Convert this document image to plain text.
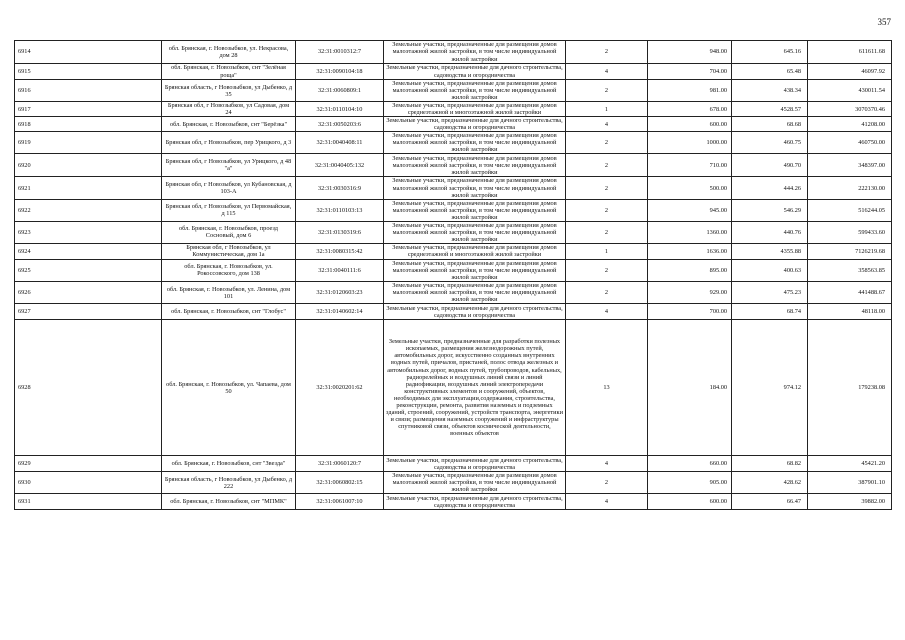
357
6914	обл. Брянская, г. Новозыбков, ул. Некрасова, дом 28	32:31:0010312:7	Земельные участки, предназначенные для размещения домов малоэтажной жилой застройки, в том числе индивидуальной жилой застройки	2	948.00	645.16	611611.68
6915	обл. Брянская, г. Новозыбков, снт "Зелёная роща"	32:31:0090104:18	Земельные участки, предназначенные для дачного строительства, садоводства и огородничества	4	704.00	65.48	46097.92
6916	Брянская область, г Новозыбков, ул Дыбенко, д 35	32:31:0060809:1	Земельные участки, предназначенные для размещения домов малоэтажной жилой застройки, в том числе индивидуальной жилой застройки	2	981.00	438.34	430011.54
6917	Брянская обл, г Новозыбков, ул Садовая, дом 24	32:31:0110104:10	Земельные участки, предназначенные для размещения домов среднеэтажной и многоэтажной жилой застройки	1	678.00	4528.57	3070370.46
6918	обл. Брянская, г. Новозыбков, снт "Берёзка"	32:31:0050203:6	Земельные участки, предназначенные для дачного строительства, садоводства и огородничества	4	600.00	68.68	41208.00
6919	Брянская обл, г Новозыбков, пер Урицкого, д 3	32:31:0040408:11	Земельные участки, предназначенные для размещения домов малоэтажной жилой застройки, в том числе индивидуальной жилой застройки	2	1000.00	460.75	460750.00
6920	Брянская обл, г Новозыбков, ул Урицкого, д 48 "а"	32:31:0040405:132	Земельные участки, предназначенные для размещения домов малоэтажной жилой застройки, в том числе индивидуальной жилой застройки	2	710.00	490.70	348397.00
6921	Брянская обл, г Новозыбков, ул Кубановская, д 103-А	32:31:0030316:9	Земельные участки, предназначенные для размещения домов малоэтажной жилой застройки, в том числе индивидуальной жилой застройки	2	500.00	444.26	222130.00
6922	Брянская обл, г Новозыбков, ул Первомайская, д 115	32:31:0110103:13	Земельные участки, предназначенные для размещения домов малоэтажной жилой застройки, в том числе индивидуальной жилой застройки	2	945.00	546.29	516244.05
6923	обл. Брянская, г. Новозыбков, проезд Сосновый, дом 6	32:31:0130319:6	Земельные участки, предназначенные для размещения домов малоэтажной жилой застройки, в том числе индивидуальной жилой застройки	2	1360.00	440.76	599433.60
6924	Брянская обл, г Новозыбков, ул Коммунистическая, дом 1а	32:31:0080315:42	Земельные участки, предназначенные для размещения домов среднеэтажной и многоэтажной жилой застройки	1	1636.00	4355.88	7126219.68
6925	обл. Брянская, г. Новозыбков, ул. Рокоссовского, дом 138	32:31:0040111:6	Земельные участки, предназначенные для размещения домов малоэтажной жилой застройки, в том числе индивидуальной жилой застройки	2	895.00	400.63	358563.85
6926	обл. Брянская, г. Новозыбков, ул. Ленина, дом 101	32:31:0120603:23	Земельные участки, предназначенные для размещения домов малоэтажной жилой застройки, в том числе индивидуальной жилой застройки	2	929.00	475.23	441488.67
6927	обл. Брянская, г. Новозыбков, снт "Глобус"	32:31:0140602:14	Земельные участки, предназначенные для дачного строительства, садоводства и огородничества	4	700.00	68.74	48118.00
6928	обл. Брянская, г. Новозыбков, ул. Чапаева, дом 50	32:31:0020201:62	Земельные участки, предназначенные для разработки полезных ископаемых, размещения железнодорожных путей, автомобильных дорог, искусственно созданных внутренних водных путей, причалов, пристаней, полос отвода железных и автомобильных дорог, водных путей, трубопроводов, кабельных, радиорелейных и воздушных линий связи и линий радиофикации, воздушных линий электропередачи конструктивных элементов и сооружений, объектов, необходимых для эксплуатации,содержания, строительства, реконструкции, ремонта, развития наземных и подземных зданий, строений, сооружений, устройств транспорта, энергетики и связи; размещения наземных сооружений и инфраструктуры спутниковой связи, объектов космической деятельности, военных объектов	13	184.00	974.12	179238.08
6929	обл. Брянская, г. Новозыбков, снт "Звезда"	32:31:0060120:7	Земельные участки, предназначенные для дачного строительства, садоводства и огородничества	4	660.00	68.82	45421.20
6930	Брянская область, г Новозыбков, ул Дыбенко, д 222	32:31:0060802:15	Земельные участки, предназначенные для размещения домов малоэтажной жилой застройки, в том числе индивидуальной жилой застройки	2	905.00	428.62	387901.10
6931	обл. Брянская, г. Новозыбков, снт "МПМК"	32:31:0061007:10	Земельные участки, предназначенные для дачного строительства, садоводства и огородничества	4	600.00	66.47	39882.00
